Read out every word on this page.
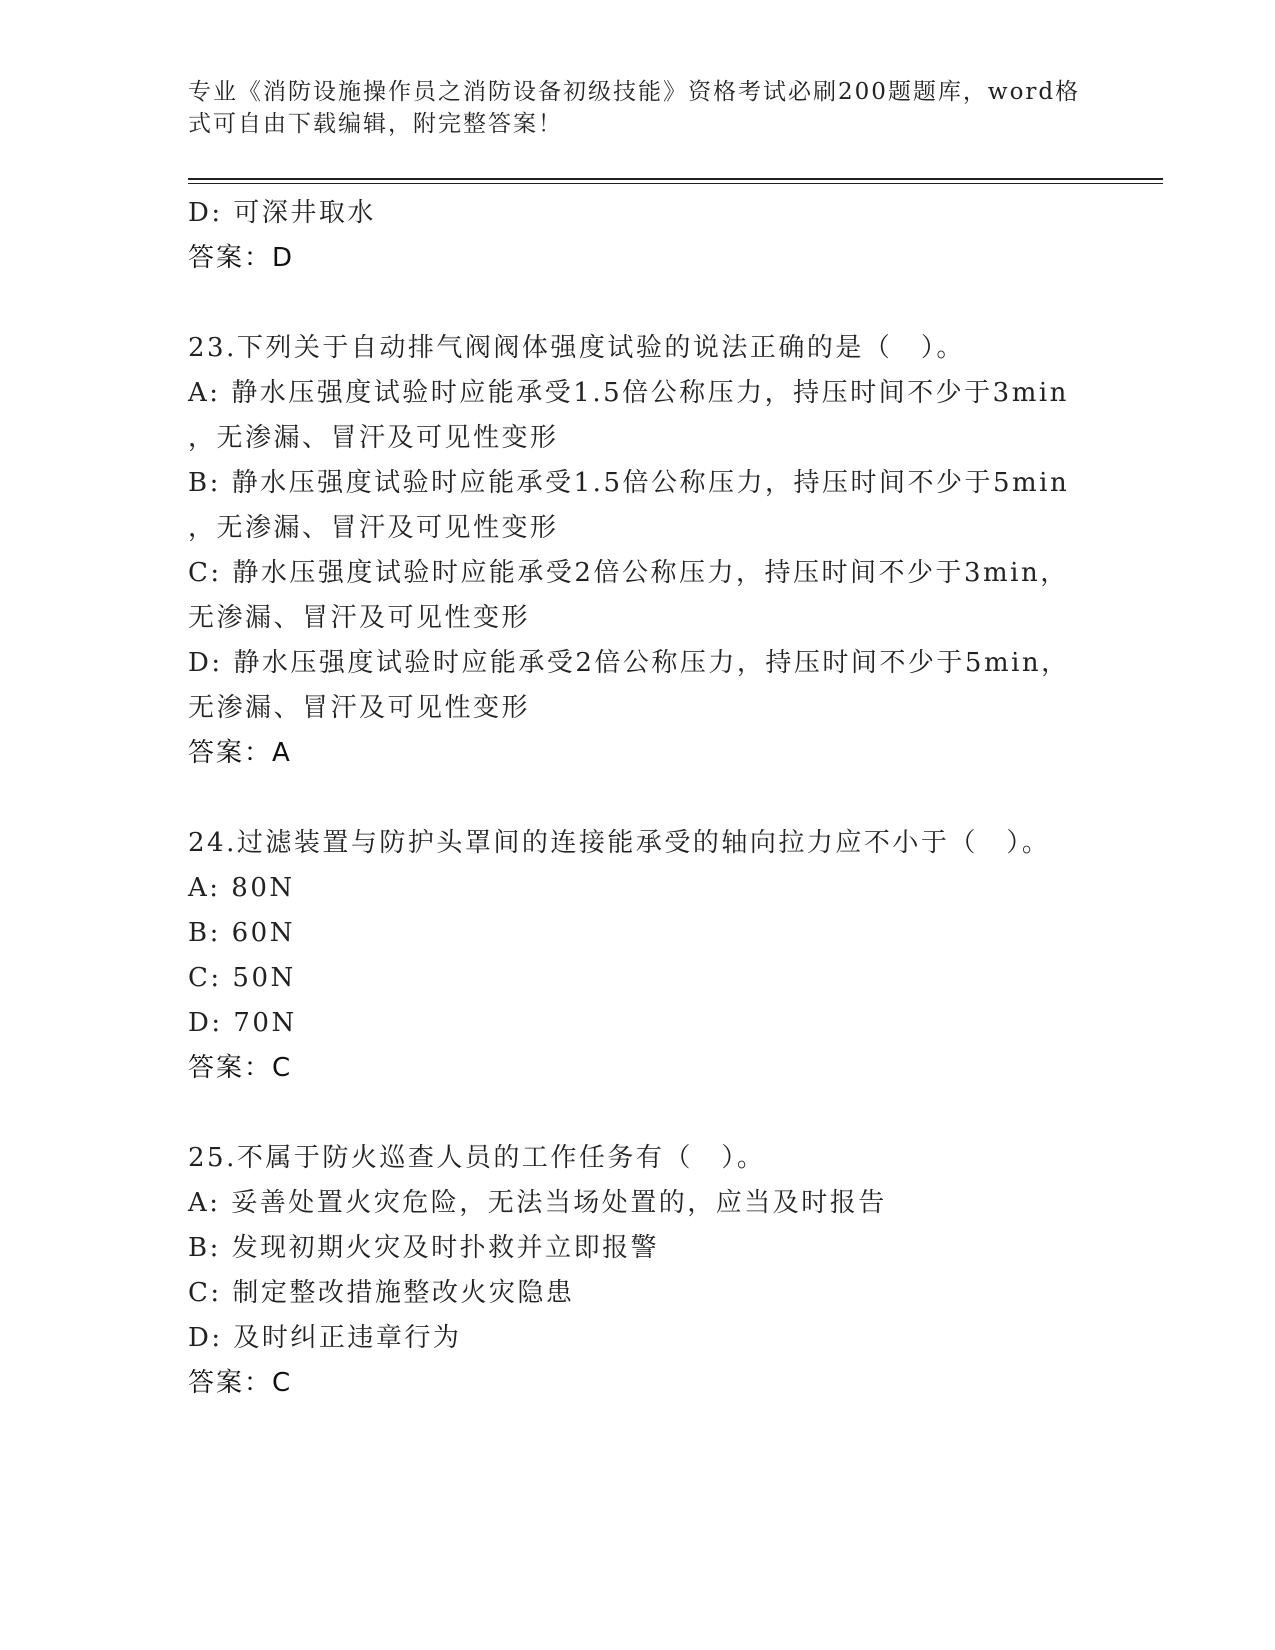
专业《消防设施操作员之消防设备初级技能》资格考试必刷200题题库，word格
式可自由下载编辑，附完整答案！
D: 可深井取水
答案：D
23.下列关于自动排气阀阀体强度试验的说法正确的是（　）。
A: 静水压强度试验时应能承受1.5倍公称压力，持压时间不少于3min
，无渗漏、冒汗及可见性变形
B: 静水压强度试验时应能承受1.5倍公称压力，持压时间不少于5min
，无渗漏、冒汗及可见性变形
C: 静水压强度试验时应能承受2倍公称压力，持压时间不少于3min，
无渗漏、冒汗及可见性变形
D: 静水压强度试验时应能承受2倍公称压力，持压时间不少于5min，
无渗漏、冒汗及可见性变形
答案：A
24.过滤装置与防护头罩间的连接能承受的轴向拉力应不小于（　）。
A: 80N
B: 60N
C: 50N
D: 70N
答案：C
25.不属于防火巡查人员的工作任务有（　）。
A: 妥善处置火灾危险，无法当场处置的，应当及时报告
B: 发现初期火灾及时扑救并立即报警
C: 制定整改措施整改火灾隐患
D: 及时纠正违章行为
答案：C
